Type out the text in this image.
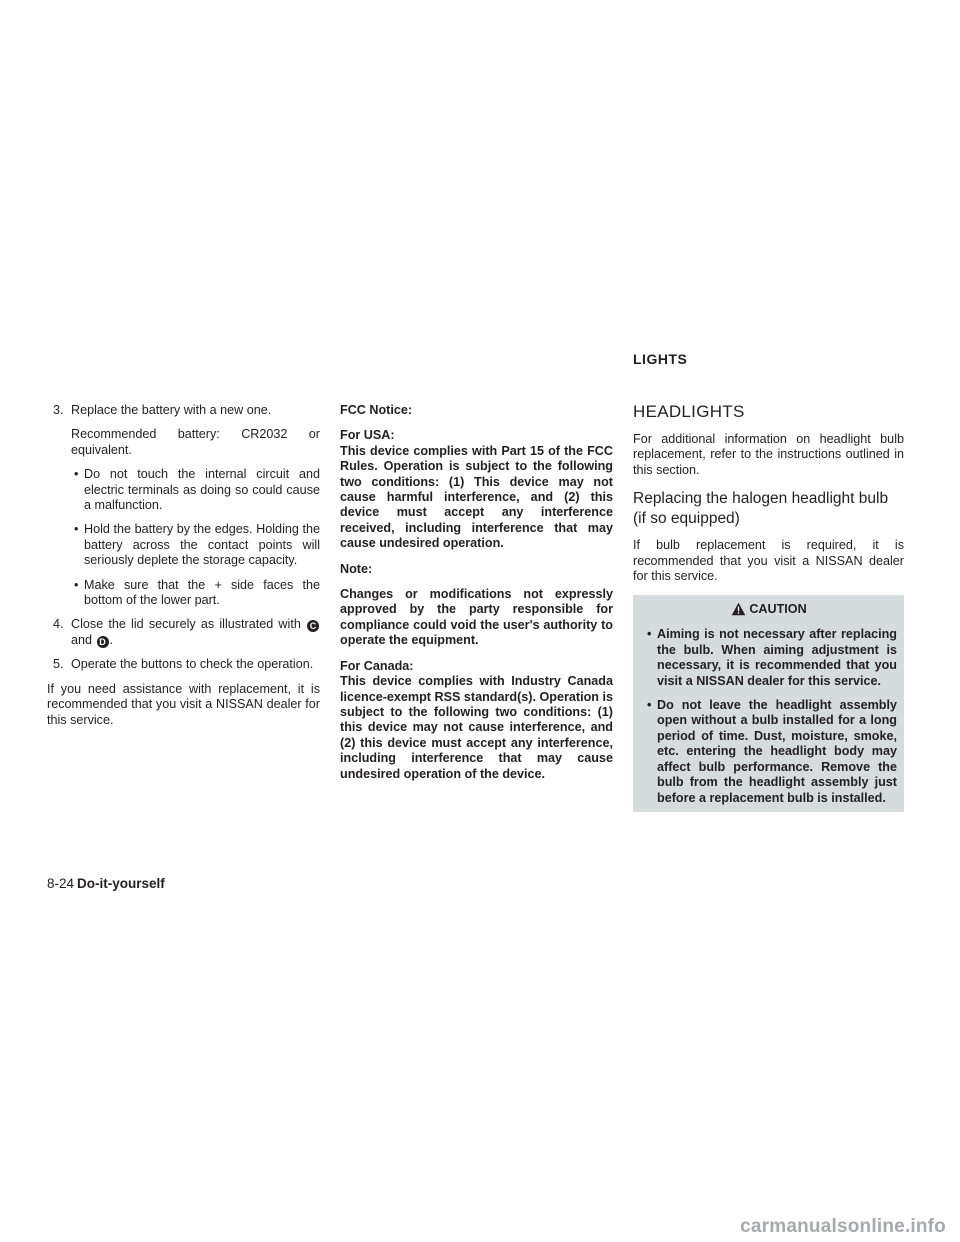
3. Replace the battery with a new one.

Recommended battery: CR2032 or equivalent.

• Do not touch the internal circuit and electric terminals as doing so could cause a malfunction.
• Hold the battery by the edges. Holding the battery across the contact points will seriously deplete the storage capacity.
• Make sure that the + side faces the bottom of the lower part.
4. Close the lid securely as illustrated with C and D .
5. Operate the buttons to check the operation.

If you need assistance with replacement, it is recommended that you visit a NISSAN dealer for this service.

FCC Notice:

For USA:

This device complies with Part 15 of the FCC Rules. Operation is subject to the following two conditions: (1) This device may not cause harmful interference, and (2) this device must accept any interference received, including interference that may cause undesired operation.

Note:

Changes or modifications not expressly approved by the party responsible for compliance could void the user's authority to operate the equipment.

For Canada:

This device complies with Industry Canada licence-exempt RSS standard(s). Operation is subject to the following two conditions: (1) this device may not cause interference, and (2) this device must accept any interference, including interference that may cause undesired operation of the device.

LIGHTS
HEADLIGHTS

For additional information on headlight bulb replacement, refer to the instructions outlined in this section.

Replacing the halogen headlight bulb (if so equipped)

If bulb replacement is required, it is recommended that you visit a NISSAN dealer for this service.

CAUTION
• Aiming is not necessary after replacing the bulb. When aiming adjustment is necessary, it is recommended that you visit a NISSAN dealer for this service.
• Do not leave the headlight assembly open without a bulb installed for a long period of time. Dust, moisture, smoke, etc. entering the headlight body may affect bulb performance. Remove the bulb from the headlight assembly just before a replacement bulb is installed.
8-24 Do-it-yourself
carmanualsonline.info
